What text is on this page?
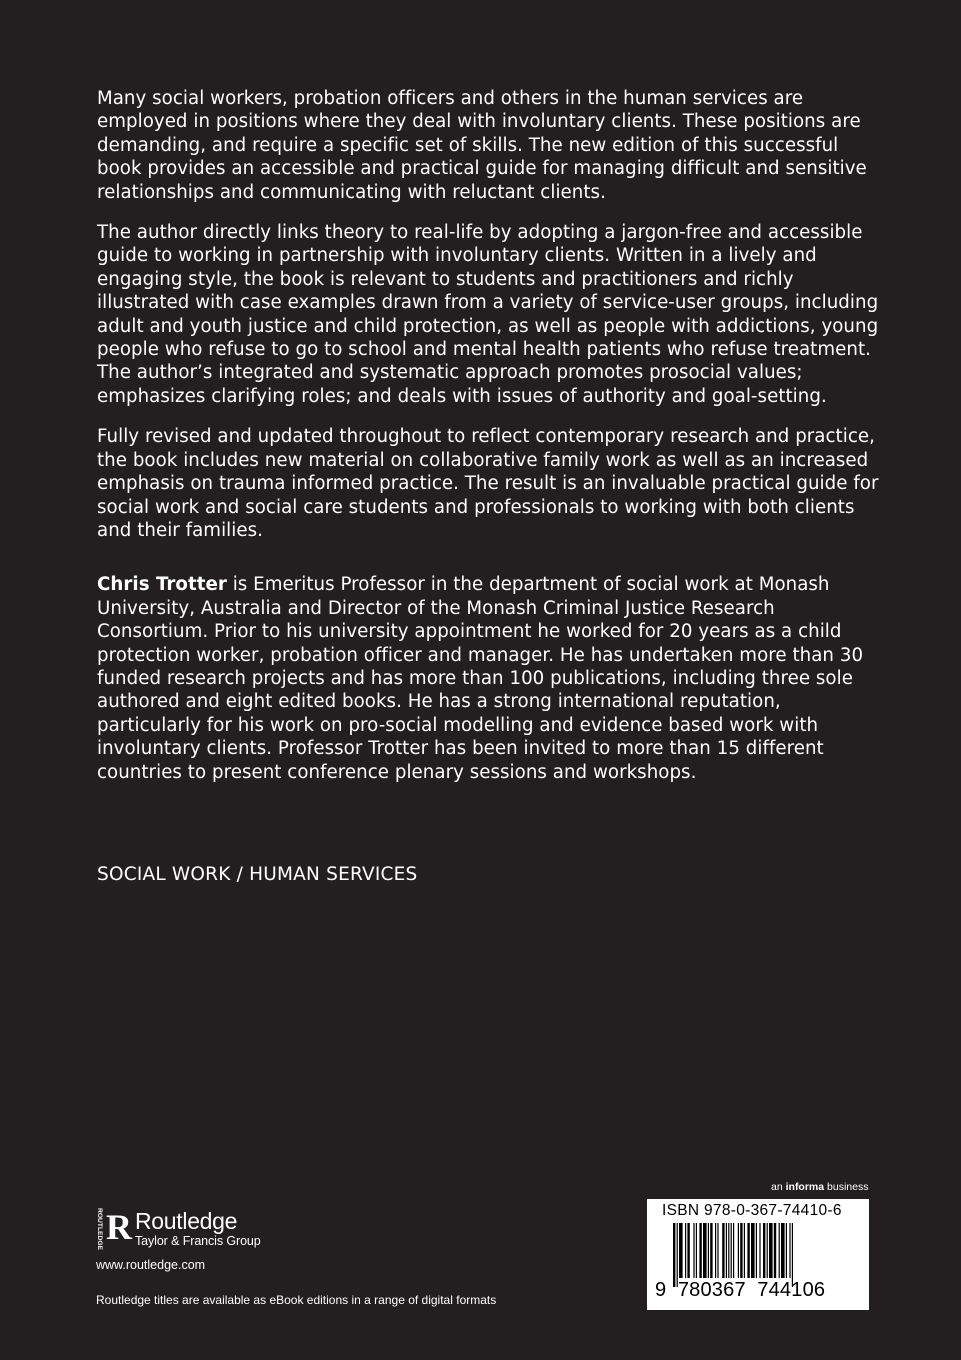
Many social workers, probation officers and others in the human services are employed in positions where they deal with involuntary clients. These positions are demanding, and require a specific set of skills. The new edition of this successful book provides an accessible and practical guide for managing difficult and sensitive relationships and communicating with reluctant clients.

The author directly links theory to real-life by adopting a jargon-free and accessible guide to working in partnership with involuntary clients. Written in a lively and engaging style, the book is relevant to students and practitioners and richly illustrated with case examples drawn from a variety of service-user groups, including adult and youth justice and child protection, as well as people with addictions, young people who refuse to go to school and mental health patients who refuse treatment. The author’s integrated and systematic approach promotes prosocial values; emphasizes clarifying roles; and deals with issues of authority and goal-setting.

Fully revised and updated throughout to reflect contemporary research and practice, the book includes new material on collaborative family work as well as an increased emphasis on trauma informed practice. The result is an invaluable practical guide for social work and social care students and professionals to working with both clients and their families.

Chris Trotter is Emeritus Professor in the department of social work at Monash University, Australia and Director of the Monash Criminal Justice Research Consortium. Prior to his university appointment he worked for 20 years as a child protection worker, probation officer and manager. He has undertaken more than 30 funded research projects and has more than 100 publications, including three sole authored and eight edited books. He has a strong international reputation, particularly for his work on pro-social modelling and evidence based work with involuntary clients. Professor Trotter has been invited to more than 15 different countries to present conference plenary sessions and workshops.

SOCIAL WORK / HUMAN SERVICES
ROUTLEDGE R Routledge
Taylor & Francis Group
www.routledge.com
Routledge titles are available as eBook editions in a range of digital formats
an informa business
ISBN 978-0-367-74410-6
9  780367  744106
